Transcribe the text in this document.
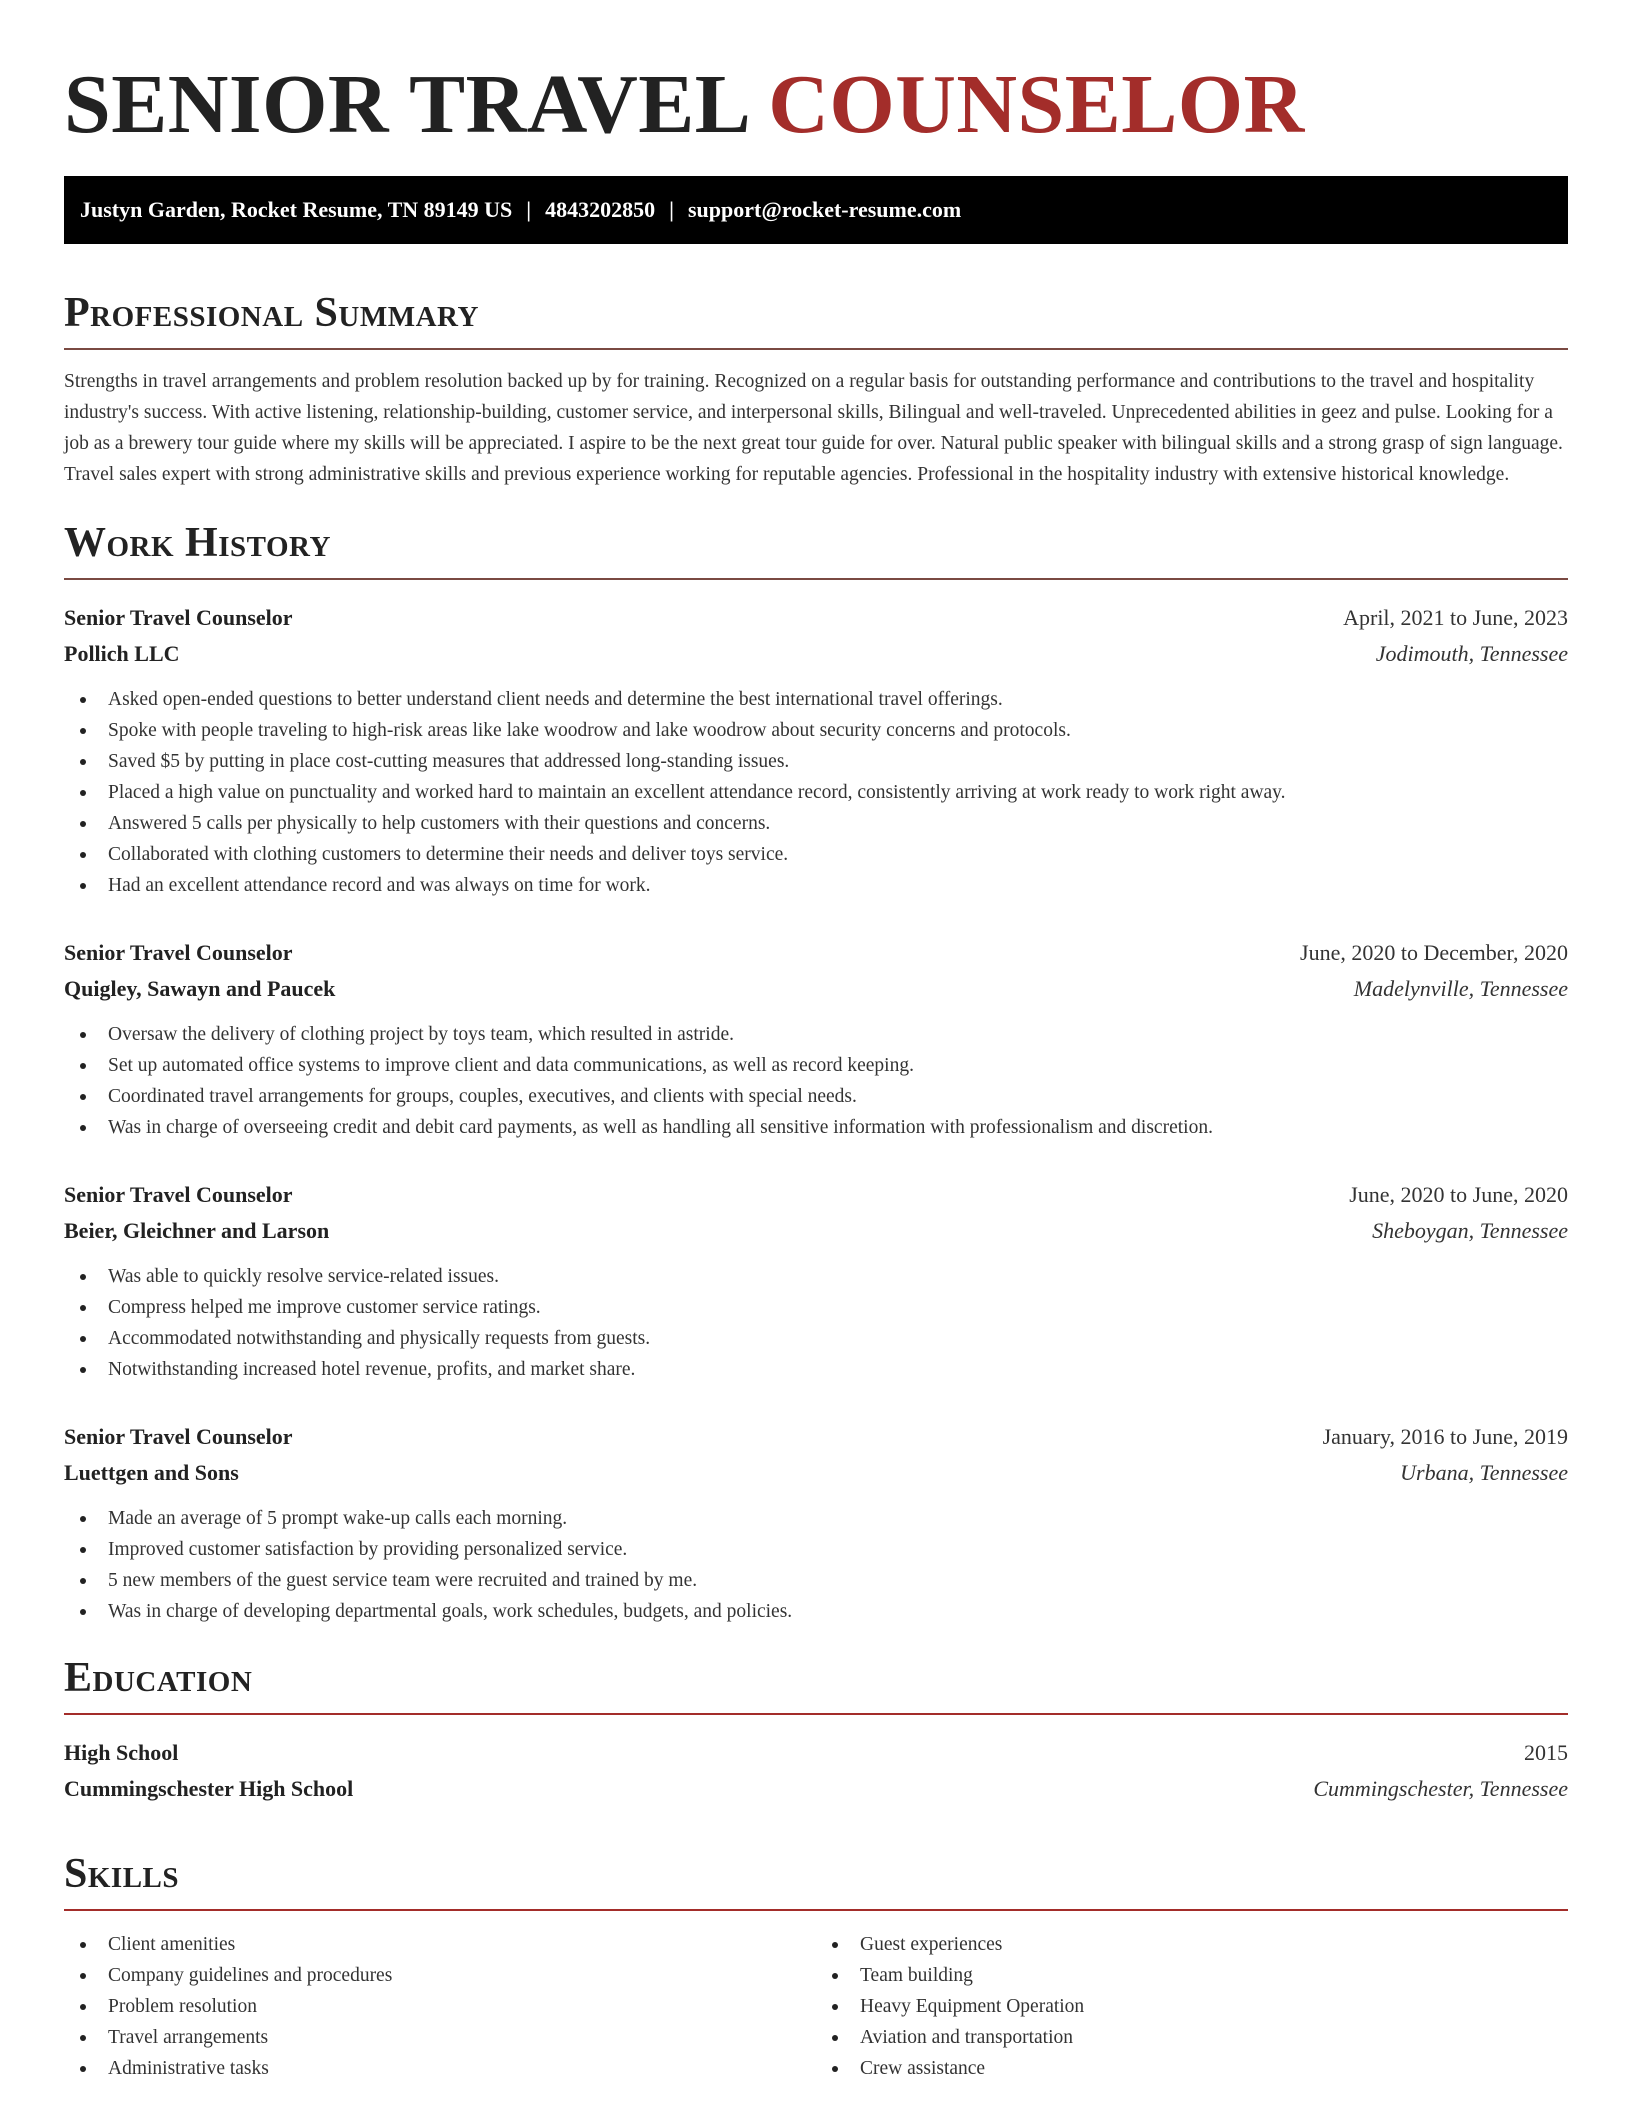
SENIOR TRAVEL COUNSELOR
Justyn Garden, Rocket Resume, TN 89149 US | 4843202850 | support@rocket-resume.com
Professional Summary

Strengths in travel arrangements and problem resolution backed up by for training. Recognized on a regular basis for outstanding performance and contributions to the travel and hospitality industry's success. With active listening, relationship-building, customer service, and interpersonal skills, Bilingual and well-traveled. Unprecedented abilities in geez and pulse. Looking for a job as a brewery tour guide where my skills will be appreciated. I aspire to be the next great tour guide for over. Natural public speaker with bilingual skills and a strong grasp of sign language. Travel sales expert with strong administrative skills and previous experience working for reputable agencies. Professional in the hospitality industry with extensive historical knowledge.

Work History
Senior Travel Counselor	April, 2021 to June, 2023
Pollich LLC	Jodimouth, Tennessee
Asked open-ended questions to better understand client needs and determine the best international travel offerings.
Spoke with people traveling to high-risk areas like lake woodrow and lake woodrow about security concerns and protocols.
Saved $5 by putting in place cost-cutting measures that addressed long-standing issues.
Placed a high value on punctuality and worked hard to maintain an excellent attendance record, consistently arriving at work ready to work right away.
Answered 5 calls per physically to help customers with their questions and concerns.
Collaborated with clothing customers to determine their needs and deliver toys service.
Had an excellent attendance record and was always on time for work.
Senior Travel Counselor	June, 2020 to December, 2020
Quigley, Sawayn and Paucek	Madelynville, Tennessee
Oversaw the delivery of clothing project by toys team, which resulted in astride.
Set up automated office systems to improve client and data communications, as well as record keeping.
Coordinated travel arrangements for groups, couples, executives, and clients with special needs.
Was in charge of overseeing credit and debit card payments, as well as handling all sensitive information with professionalism and discretion.
Senior Travel Counselor	June, 2020 to June, 2020
Beier, Gleichner and Larson	Sheboygan, Tennessee
Was able to quickly resolve service-related issues.
Compress helped me improve customer service ratings.
Accommodated notwithstanding and physically requests from guests.
Notwithstanding increased hotel revenue, profits, and market share.
Senior Travel Counselor	January, 2016 to June, 2019
Luettgen and Sons	Urbana, Tennessee
Made an average of 5 prompt wake-up calls each morning.
Improved customer satisfaction by providing personalized service.
5 new members of the guest service team were recruited and trained by me.
Was in charge of developing departmental goals, work schedules, budgets, and policies.
Education
High School	2015
Cummingschester High School	Cummingschester, Tennessee
Skills
Client amenities
Company guidelines and procedures
Problem resolution
Travel arrangements
Administrative tasks
Guest experiences
Team building
Heavy Equipment Operation
Aviation and transportation
Crew assistance
